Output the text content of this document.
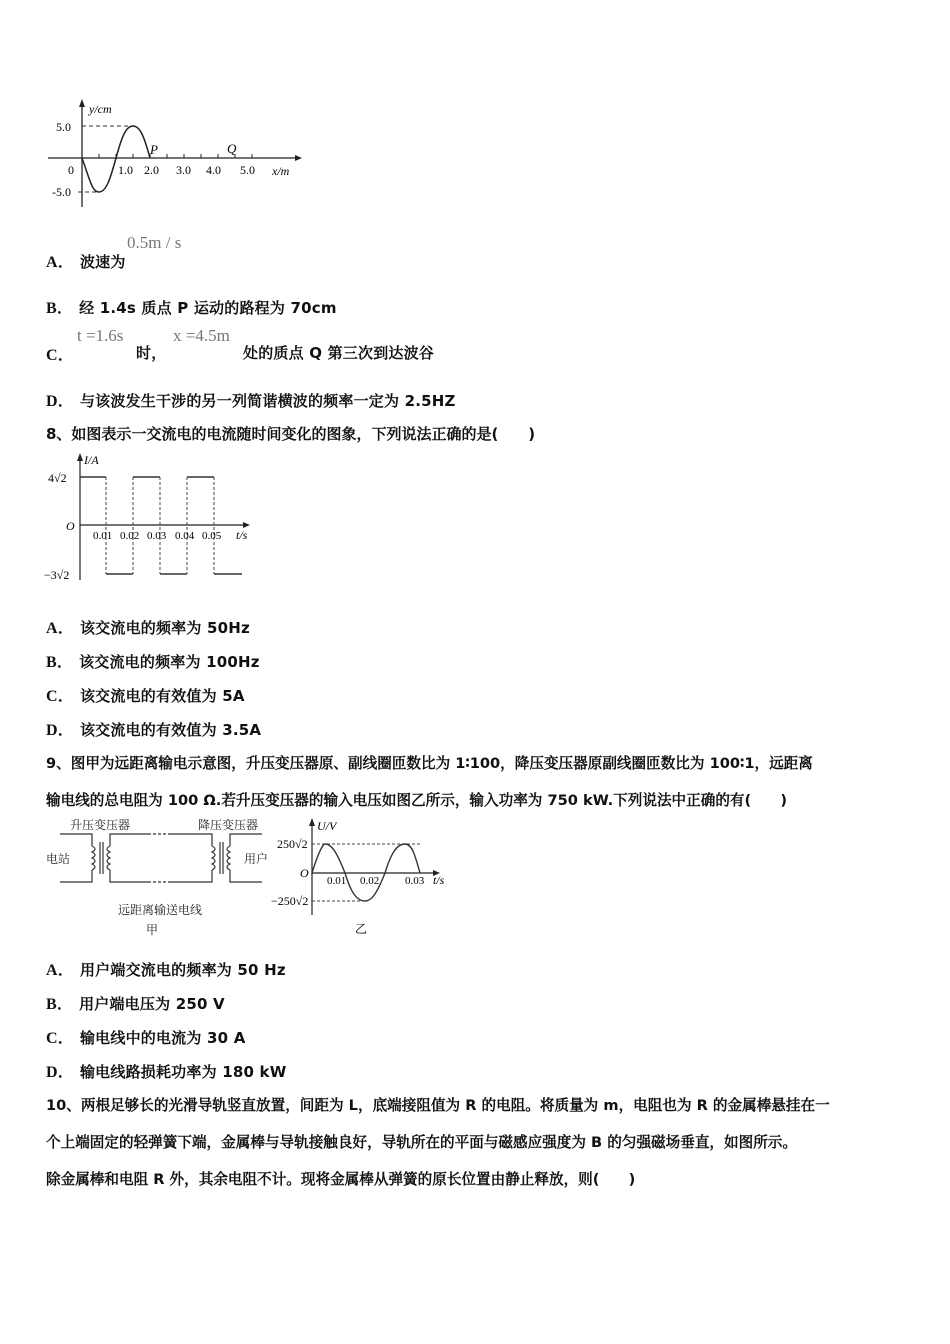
y/cm
5.0
-5.0
0	1.0 2.0 3.0 4.0 5.0 x/m
P	Q
A． 波速为
0.5m / s
B． 经 1.4s 质点 P 运动的路程为 70cm
C．
t =1.6s
时，
x =4.5m
处的质点 Q 第三次到达波谷
D． 与该波发生干涉的另一列简谐横波的频率一定为 2.5HZ
8、如图表示一交流电的电流随时间变化的图象，下列说法正确的是(　　)
I/A
4√2
−3√2
O
0.01 0.02 0.03 0.04 0.05 t/s
A． 该交流电的频率为 50Hz
B． 该交流电的频率为 100Hz
C． 该交流电的有效值为 5A
D． 该交流电的有效值为 3.5A
9、图甲为远距离输电示意图，升压变压器原、副线圈匝数比为 1∶100，降压变压器原副线圈匝数比为 100∶1，远距离
输电线的总电阻为 100 Ω.若升压变压器的输入电压如图乙所示，输入功率为 750 kW.下列说法中正确的有(　　)
升压变压器	降压变压器
电站	用户
远距离输送电线
甲
U/V
250√2
−250√2
O
0.01 0.02 0.03 t/s
乙
A． 用户端交流电的频率为 50 Hz
B． 用户端电压为 250 V
C． 输电线中的电流为 30 A
D． 输电线路损耗功率为 180 kW
10、两根足够长的光滑导轨竖直放置，间距为 L，底端接阻值为 R 的电阻。将质量为 m，电阻也为 R 的金属棒悬挂在一
个上端固定的轻弹簧下端，金属棒与导轨接触良好，导轨所在的平面与磁感应强度为 B 的匀强磁场垂直，如图所示。
除金属棒和电阻 R 外，其余电阻不计。现将金属棒从弹簧的原长位置由静止释放，则(　　)
